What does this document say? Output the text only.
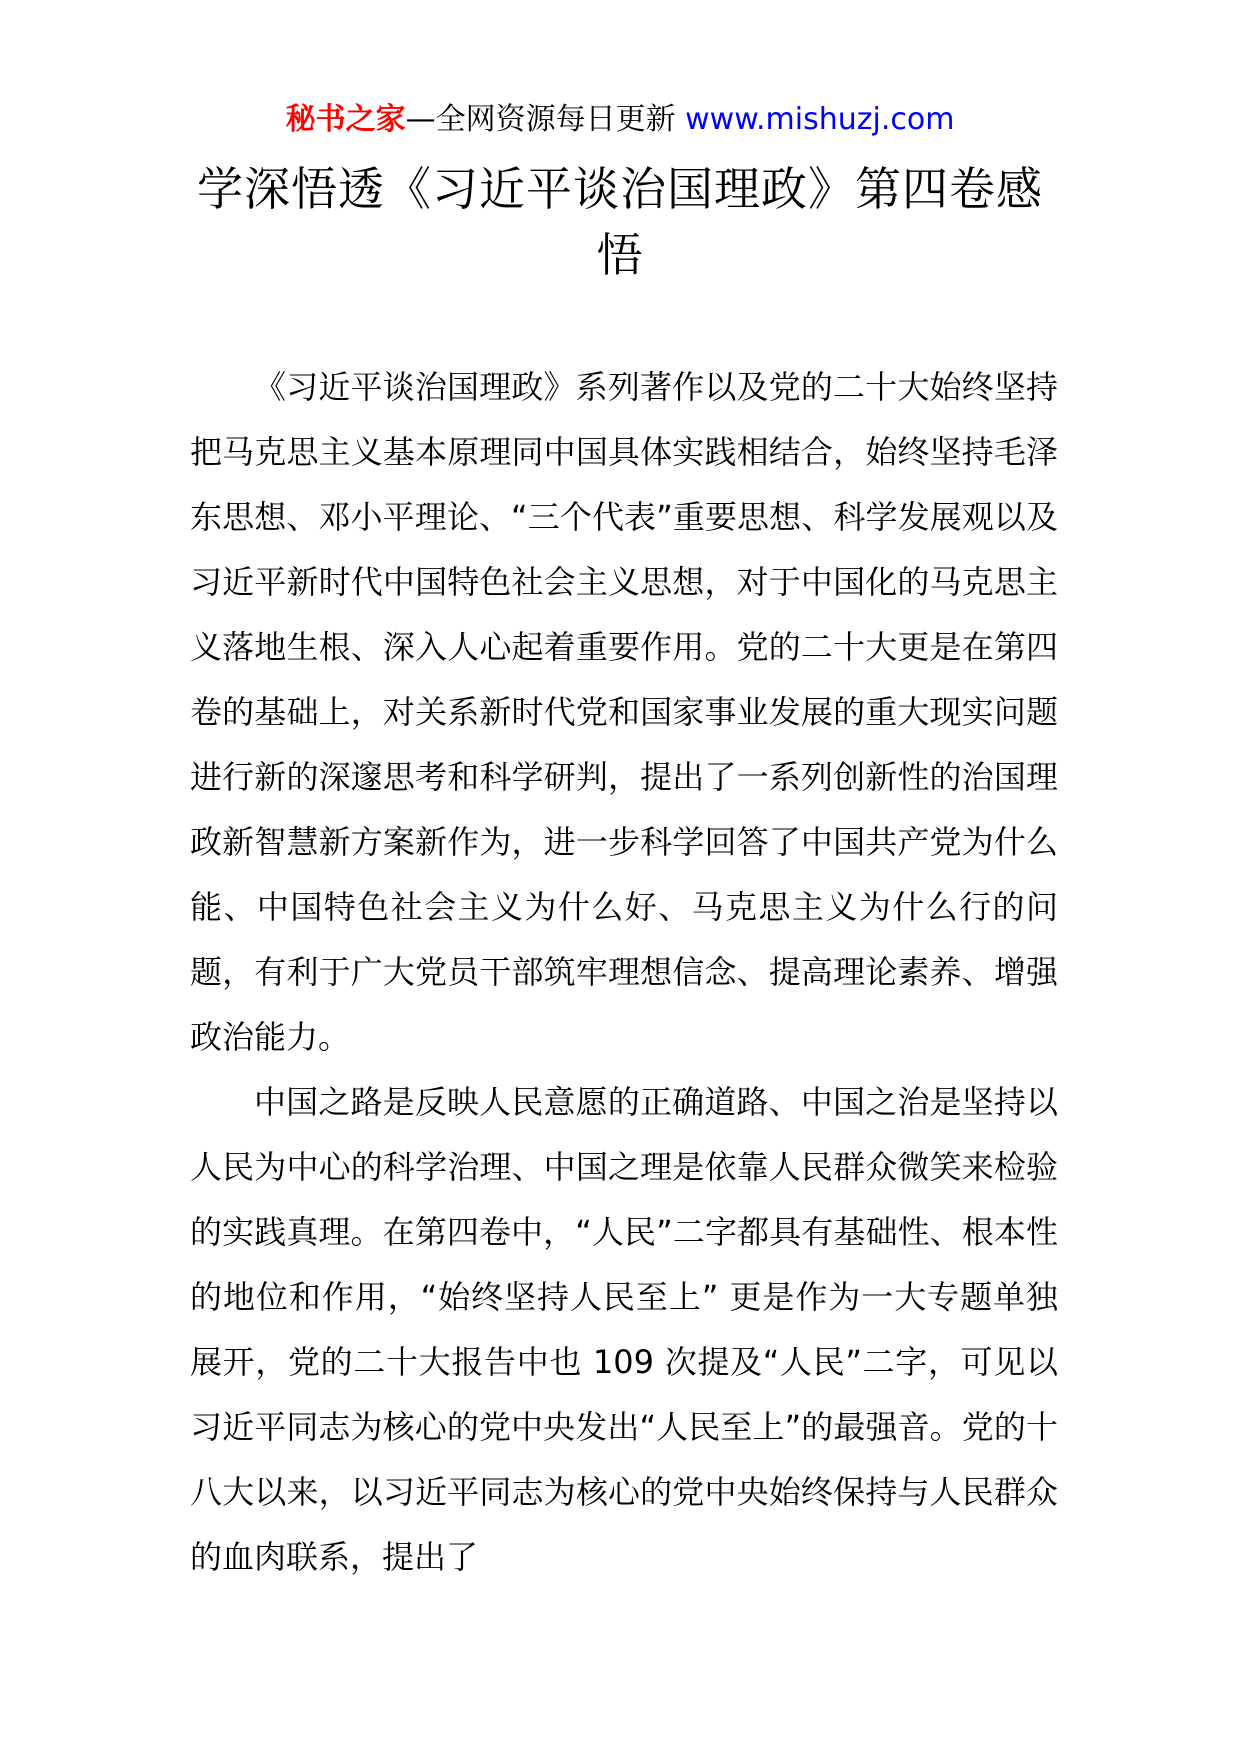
秘书之家—全网资源每日更新 www.mishuzj.com
学深悟透《习近平谈治国理政》第四卷感悟

《习近平谈治国理政》系列著作以及党的二十大始终坚持把马克思主义基本原理同中国具体实践相结合，始终坚持毛泽东思想、邓小平理论、“三个代表”重要思想、科学发展观以及习近平新时代中国特色社会主义思想，对于中国化的马克思主义落地生根、深入人心起着重要作用。党的二十大更是在第四卷的基础上，对关系新时代党和国家事业发展的重大现实问题进行新的深邃思考和科学研判，提出了一系列创新性的治国理政新智慧新方案新作为，进一步科学回答了中国共产党为什么能、中国特色社会主义为什么好、马克思主义为什么行的问题，有利于广大党员干部筑牢理想信念、提高理论素养、增强政治能力。

中国之路是反映人民意愿的正确道路、中国之治是坚持以人民为中心的科学治理、中国之理是依靠人民群众微笑来检验的实践真理。在第四卷中，“人民”二字都具有基础性、根本性的地位和作用，“始终坚持人民至上” 更是作为一大专题单独展开，党的二十大报告中也 109 次提及“人民”二字，可见以习近平同志为核心的党中央发出“人民至上”的最强音。党的十八大以来，以习近平同志为核心的党中央始终保持与人民群众的血肉联系，提出了
